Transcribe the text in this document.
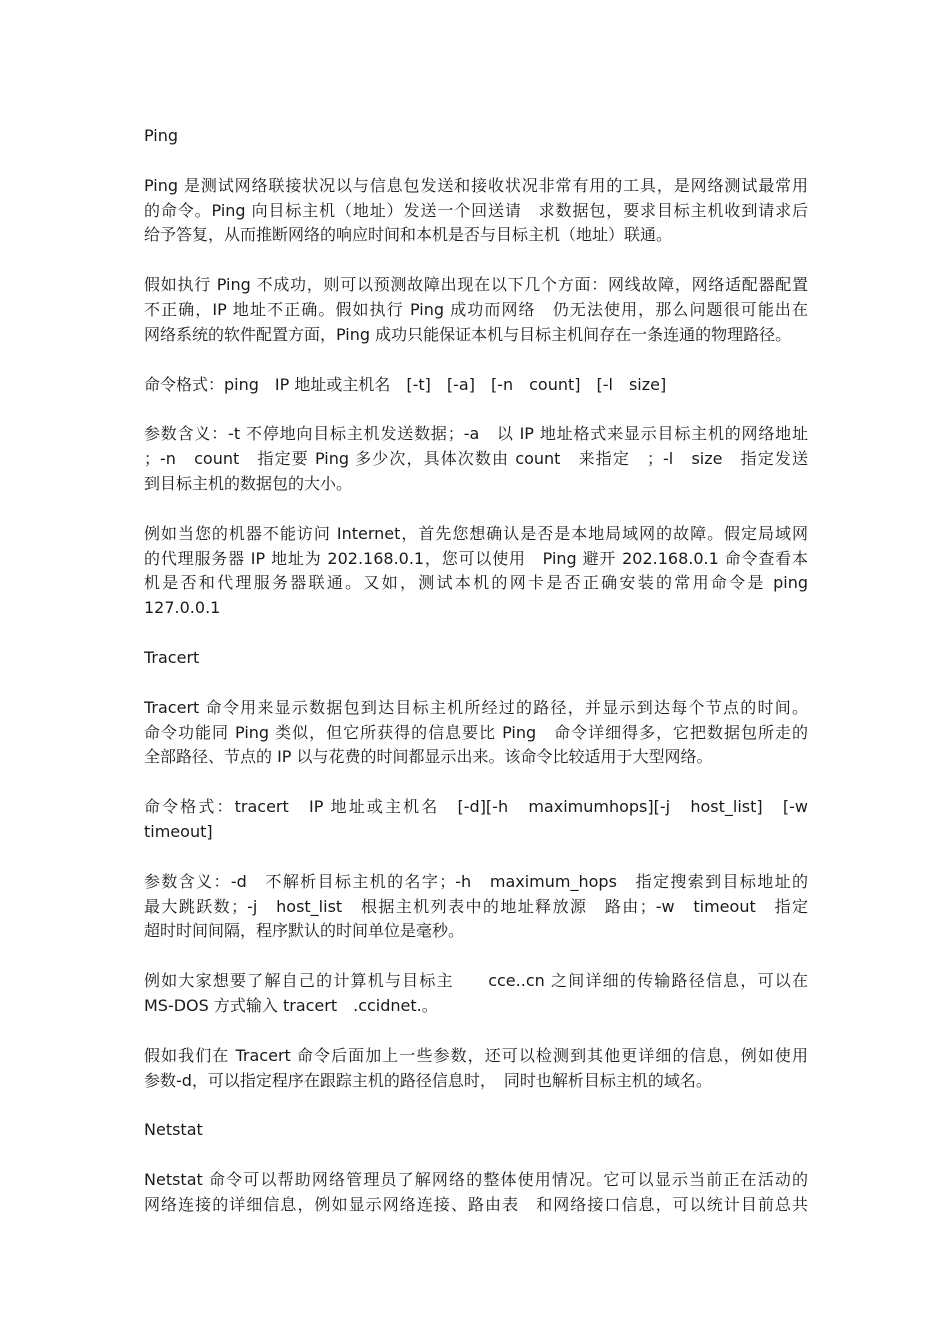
Ping
Ping 是测试网络联接状况以与信息包发送和接收状况非常有用的工具，是网络测试最常用
的命令。Ping 向目标主机（地址）发送一个回送请　求数据包，要求目标主机收到请求后
给予答复，从而推断网络的响应时间和本机是否与目标主机（地址）联通。
假如执行 Ping 不成功，则可以预测故障出现在以下几个方面：网线故障，网络适配器配置
不正确，IP 地址不正确。假如执行 Ping 成功而网络　仍无法使用，那么问题很可能出在
网络系统的软件配置方面，Ping 成功只能保证本机与目标主机间存在一条连通的物理路径。
命令格式：ping　IP 地址或主机名　[-t]　[-a]　[-n　count]　[-l　size]
参数含义：-t 不停地向目标主机发送数据；-a　以 IP 地址格式来显示目标主机的网络地址
；-n　count　指定要 Ping 多少次，具体次数由 count　来指定　；-l　size　指定发送
到目标主机的数据包的大小。
例如当您的机器不能访问 Internet，首先您想确认是否是本地局域网的故障。假定局域网
的代理服务器 IP 地址为 202.168.0.1，您可以使用　Ping 避开 202.168.0.1 命令查看本
机是否和代理服务器联通。又如，测试本机的网卡是否正确安装的常用命令是 ping
127.0.0.1
Tracert
Tracert 命令用来显示数据包到达目标主机所经过的路径，并显示到达每个节点的时间。
命令功能同 Ping 类似，但它所获得的信息要比 Ping　命令详细得多，它把数据包所走的
全部路径、节点的 IP 以与花费的时间都显示出来。该命令比较适用于大型网络。
命令格式：tracert　IP 地址或主机名　[-d][-h　maximumhops][-j　host_list]　[-w
timeout]
参数含义：-d　不解析目标主机的名字；-h　maximum_hops　指定搜索到目标地址的
最大跳跃数；-j　host_list　根据主机列表中的地址释放源　路由；-w　timeout　指定
超时时间间隔，程序默认的时间单位是毫秒。
例如大家想要了解自己的计算机与目标主　　cce..cn 之间详细的传输路径信息，可以在
MS-DOS 方式输入 tracert　.ccidnet.。
假如我们在 Tracert 命令后面加上一些参数，还可以检测到其他更详细的信息，例如使用
参数-d，可以指定程序在跟踪主机的路径信息时，　同时也解析目标主机的域名。
Netstat
Netstat 命令可以帮助网络管理员了解网络的整体使用情况。它可以显示当前正在活动的
网络连接的详细信息，例如显示网络连接、路由表　和网络接口信息，可以统计目前总共
